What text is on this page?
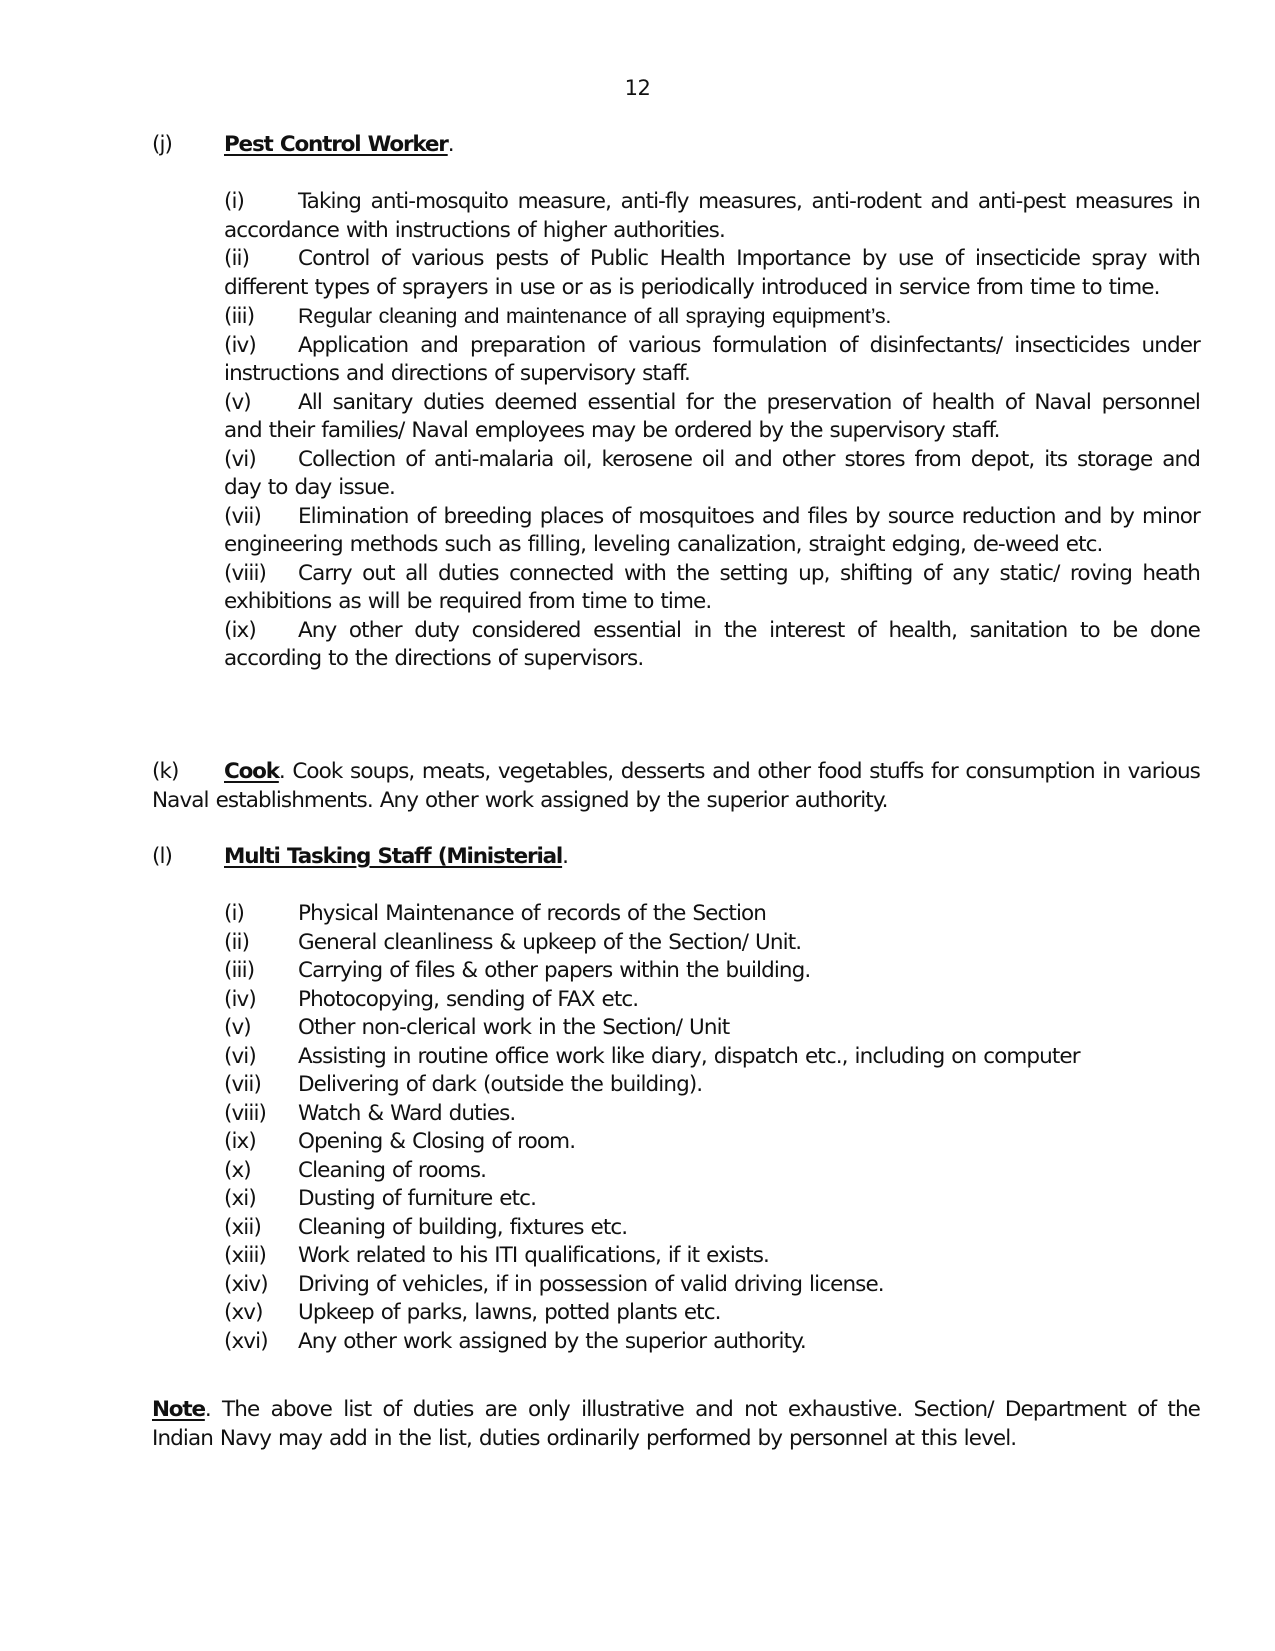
12
(j) Pest Control Worker.

(i)	Taking anti-mosquito measure, anti-fly measures, anti-rodent and anti-pest measures in accordance with instructions of higher authorities.

(ii) Control of various pests of Public Health Importance by use of insecticide spray with different types of sprayers in use or as is periodically introduced in service from time to time.

(iii) Regular cleaning and maintenance of all spraying equipment’s.

(iv) Application and preparation of various formulation of disinfectants/ insecticides under instructions and directions of supervisory staff.

(v) All sanitary duties deemed essential for the preservation of health of Naval personnel and their families/ Naval employees may be ordered by the supervisory staff.

(vi) Collection of anti-malaria oil, kerosene oil and other stores from depot, its storage and day to day issue.

(vii) Elimination of breeding places of mosquitoes and files by source reduction and by minor engineering methods such as filling, leveling canalization, straight edging, de-weed etc.

(viii) Carry out all duties connected with the setting up, shifting of any static/ roving heath exhibitions as will be required from time to time.

(ix) Any other duty considered essential in the interest of health, sanitation to be done according to the directions of supervisors.

(k) Cook. Cook soups, meats, vegetables, desserts and other food stuffs for consumption in various Naval establishments. Any other work assigned by the superior authority.

(l) Multi Tasking Staff (Ministerial.
(i)	Physical Maintenance of records of the Section
(ii)	General cleanliness & upkeep of the Section/ Unit.
(iii)	Carrying of files & other papers within the building.
(iv)	Photocopying, sending of FAX etc.
(v)	Other non-clerical work in the Section/ Unit
(vi)	Assisting in routine office work like diary, dispatch etc., including on computer
(vii)	Delivering of dark (outside the building).
(viii)	Watch & Ward duties.
(ix)	Opening & Closing of room.
(x)	Cleaning of rooms.
(xi)	Dusting of furniture etc.
(xii)	Cleaning of building, fixtures etc.
(xiii)	Work related to his ITI qualifications, if it exists.
(xiv)	Driving of vehicles, if in possession of valid driving license.
(xv)	Upkeep of parks, lawns, potted plants etc.
(xvi)	Any other work assigned by the superior authority.

Note. The above list of duties are only illustrative and not exhaustive. Section/ Department of the Indian Navy may add in the list, duties ordinarily performed by personnel at this level.
